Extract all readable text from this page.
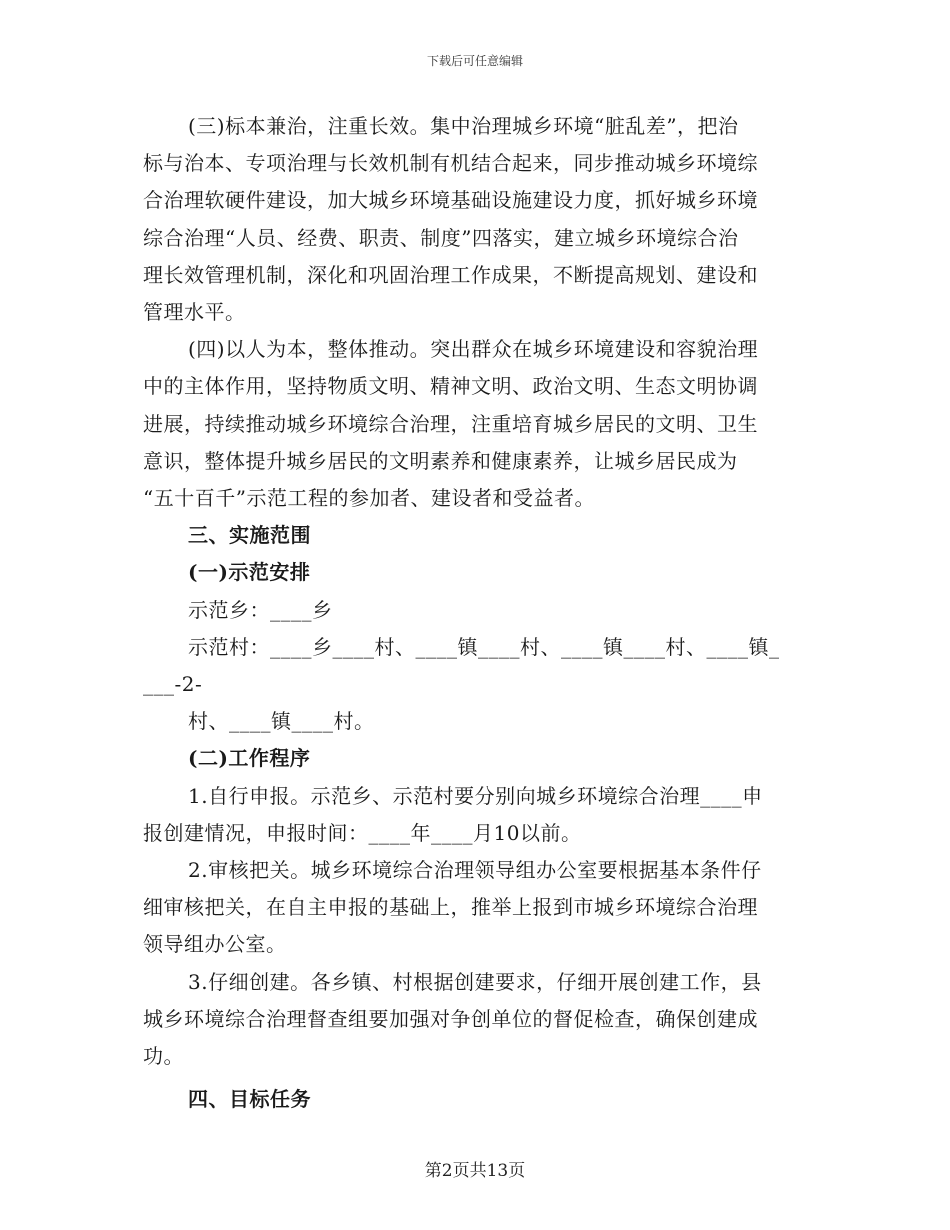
下载后可任意编辑
(三)标本兼治，注重长效。集中治理城乡环境“脏乱差”，把治
标与治本、专项治理与长效机制有机结合起来，同步推动城乡环境综
合治理软硬件建设，加大城乡环境基础设施建设力度，抓好城乡环境
综合治理“人员、经费、职责、制度”四落实，建立城乡环境综合治
理长效管理机制，深化和巩固治理工作成果，不断提高规划、建设和
管理水平。
(四)以人为本，整体推动。突出群众在城乡环境建设和容貌治理
中的主体作用，坚持物质文明、精神文明、政治文明、生态文明协调
进展，持续推动城乡环境综合治理，注重培育城乡居民的文明、卫生
意识，整体提升城乡居民的文明素养和健康素养，让城乡居民成为
“五十百千”示范工程的参加者、建设者和受益者。
三、实施范围
(一)示范安排
示范乡：____乡
示范村：____乡____村、____镇____村、____镇____村、____镇_
___-2-
村、____镇____村。
(二)工作程序
1.自行申报。示范乡、示范村要分别向城乡环境综合治理____申
报创建情况，申报时间：____年____月10以前。
2.审核把关。城乡环境综合治理领导组办公室要根据基本条件仔
细审核把关，在自主申报的基础上，推举上报到市城乡环境综合治理
领导组办公室。
3.仔细创建。各乡镇、村根据创建要求，仔细开展创建工作，县
城乡环境综合治理督查组要加强对争创单位的督促检查，确保创建成
功。
四、目标任务
第2页共13页
